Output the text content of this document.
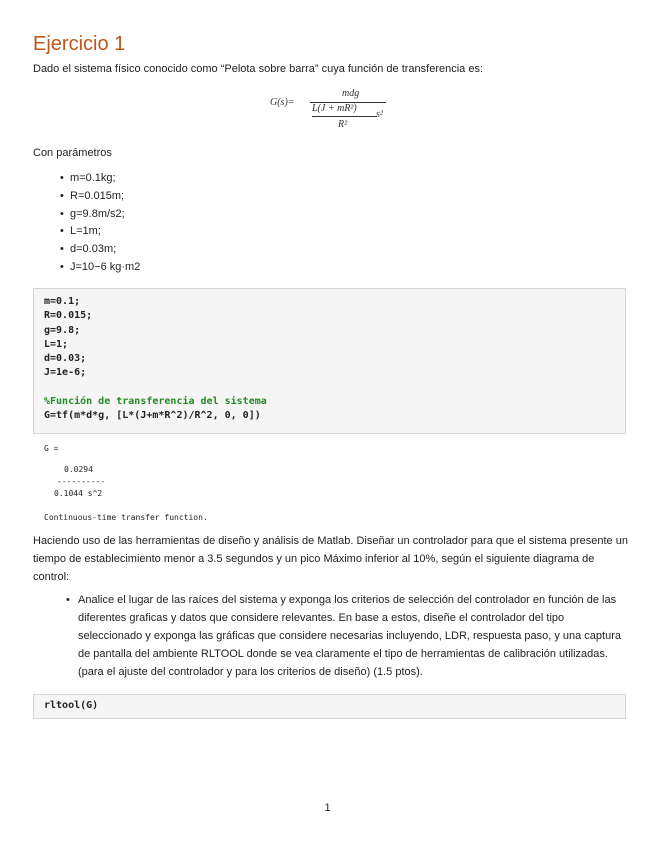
Ejercicio 1

Dado el sistema físico conocido como “Pelota sobre barra” cuya función de transferencia es:

G(s)=
mdg
L(J + mR²)
R²
s²

Con parámetros

• m=0.1kg;
• R=0.015m;
• g=9.8m/s2;
• L=1m;
• d=0.03m;
• J=10−6 kg·m2
m=0.1;
R=0.015;
g=9.8;
L=1;
d=0.03;
J=1e-6;
%Función de transferencia del sistema
G=tf(m*d*g, [L*(J+m*R^2)/R^2, 0, 0])
G =
0.0294
----------
0.1044 s^2
Continuous-time transfer function.

Haciendo uso de las herramientas de diseño y análisis de Matlab. Diseñar un controlador para que el sistema presente un tiempo de establecimiento menor a 3.5 segundos y un pico Máximo inferior al 10%, según el siguiente diagrama de control:

• Analice el lugar de las raíces del sistema y exponga los criterios de selección del controlador en función de las diferentes graficas y datos que considere relevantes. En base a estos, diseñe el controlador del tipo seleccionado y exponga las gráficas que considere necesarias incluyendo, LDR, respuesta paso, y una captura de pantalla del ambiente RLTOOL donde se vea claramente el tipo de herramientas de calibración utilizadas. (para el ajuste del controlador y para los criterios de diseño) (1.5 ptos).
rltool(G)
1
